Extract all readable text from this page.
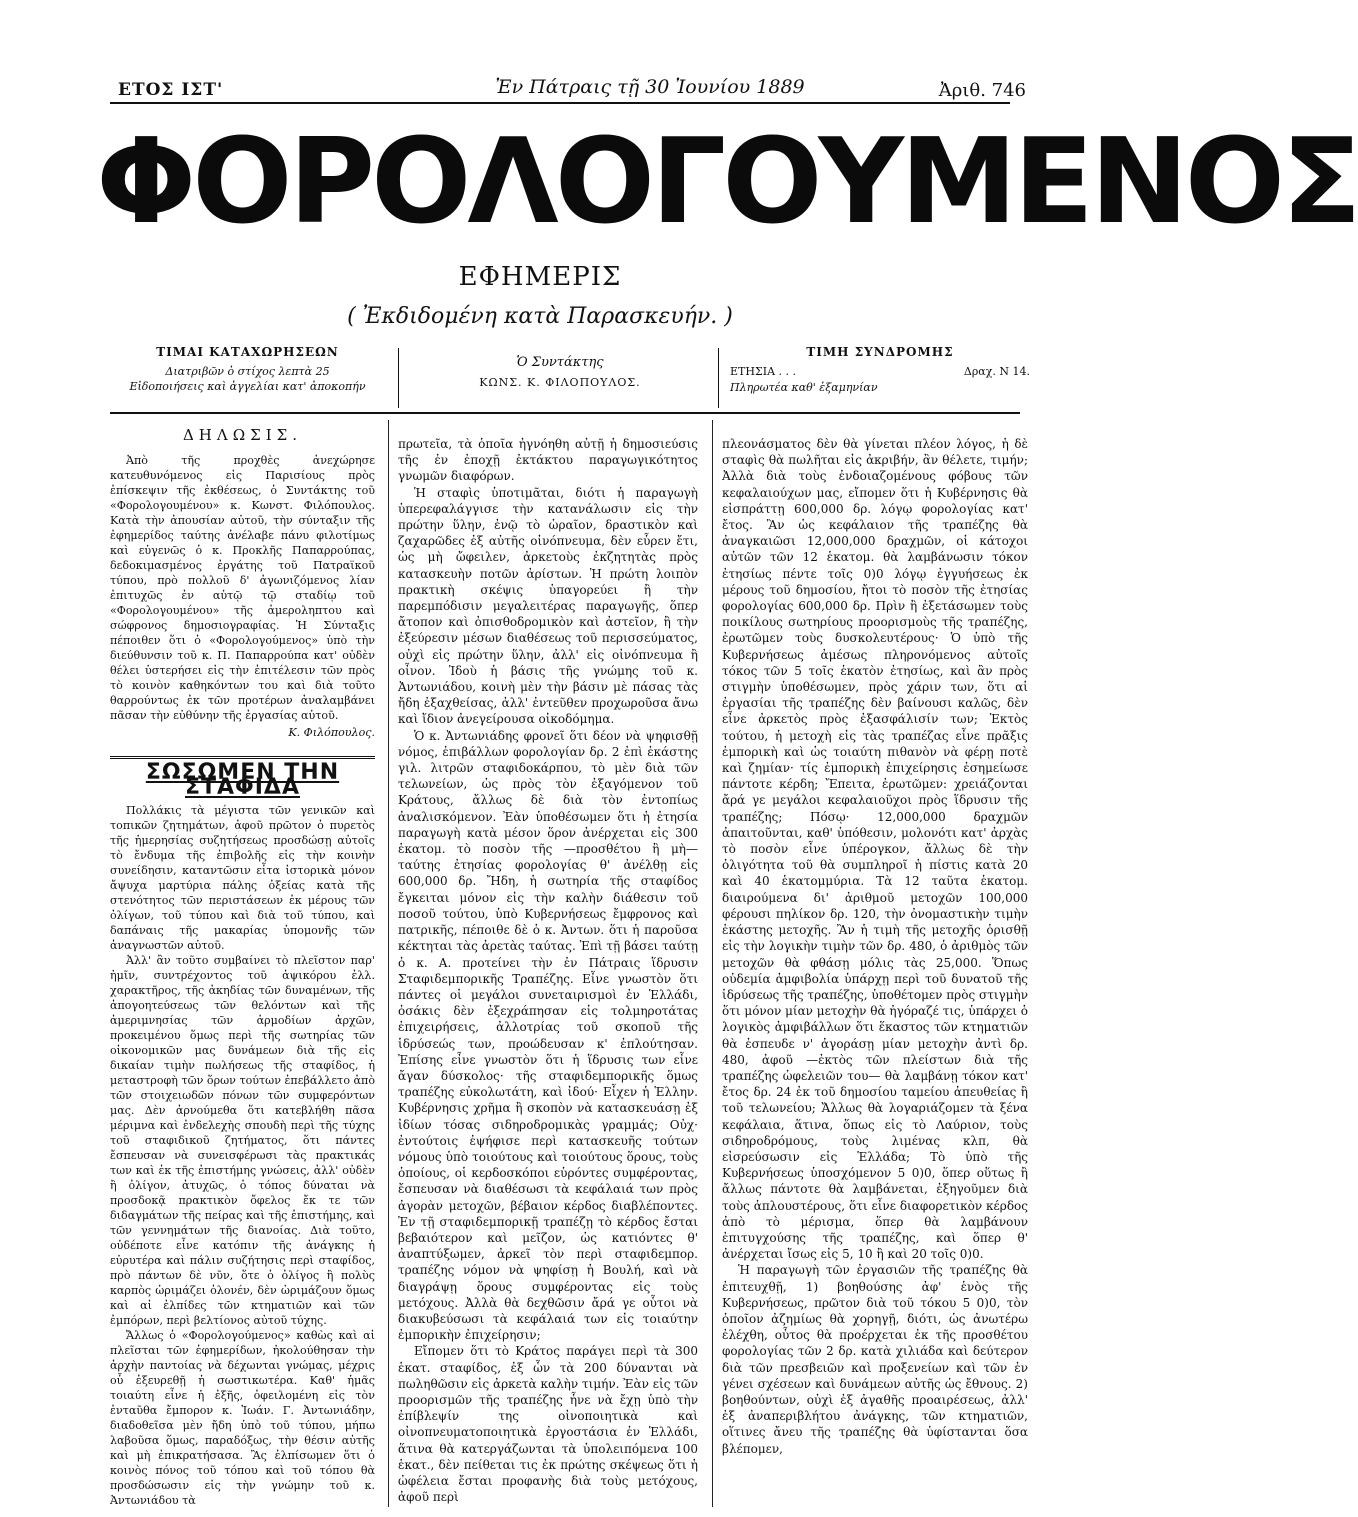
ΕΤΟΣ ΙΣΤ'	Ἐν Πάτραις τῇ 30 Ἰουνίου 1889	Ἀριθ. 746
ΦΟΡΟΛΟΓΟΥΜΕΝΟΣ
ΕΦΗΜΕΡΙΣ
( Ἐκδιδομένη κατὰ Παρασκευήν. )
ΤΙΜΑΙ ΚΑΤΑΧΩΡΗΣΕΩΝ
Διατριβῶν ὁ στίχος λεπτὰ 25
Εἰδοποιήσεις καὶ ἀγγελίαι κατ' ἀποκοπήν
Ὁ Συντάκτης
ΚΩΝΣ. Κ. ΦΙΛΟΠΟΥΛΟΣ.
ΤΙΜΗ ΣΥΝΔΡΟΜΗΣ
ΕΤΗΣΙΑ . . .	Δραχ. Ν 14.
Πληρωτέα καθ' ἑξαμηνίαν
ΔΗΛΩΣΙΣ.

Ἀπὸ τῆς προχθὲς ἀνεχώρησε κατευθυνόμενος εἰς Παρισίους πρὸς ἐπίσκεψιν τῆς ἐκθέσεως, ὁ Συντάκτης τοῦ «Φορολογουμένου» κ. Κωνστ. Φιλόπουλος. Κατὰ τὴν ἀπουσίαν αὐτοῦ, τὴν σύνταξιν τῆς ἐφημερίδος ταύτης ἀνέλαβε πάνυ φιλοτίμως καὶ εὐγενῶς ὁ κ. Προκλῆς Παπαρρούπας, δεδοκιμασμένος ἐργάτης τοῦ Πατραϊκοῦ τύπου, πρὸ πολλοῦ δ' ἀγωνιζόμενος λίαν ἐπιτυχῶς ἐν αὐτῷ τῷ σταδίῳ τοῦ «Φορολογουμένου» τῆς ἀμεροληπτου καὶ σώφρονος δημοσιογραφίας. Ἡ Σύνταξις πέποιθεν ὅτι ὁ «Φορολογούμενος» ὑπὸ τὴν διεύθυνσιν τοῦ κ. Π. Παπαρρούπα κατ' οὐδὲν θέλει ὑστερήσει εἰς τὴν ἐπιτέλεσιν τῶν πρὸς τὸ κοινὸν καθηκόντων του καὶ διὰ τοῦτο θαρρούντως ἐκ τῶν προτέρων ἀναλαμβάνει πᾶσαν τὴν εὐθύνην τῆς ἐργασίας αὐτοῦ.

Κ. Φιλόπουλος.
ΣΩΣΩΜΕΝ ΤΗΝ ΣΤΑΦΙΔΑ

Πολλάκις τὰ μέγιστα τῶν γενικῶν καὶ τοπικῶν ζητημάτων, ἀφοῦ πρῶτον ὁ πυρετὸς τῆς ἡμερησίας συζητήσεως προσδώσῃ αὐτοῖς τὸ ἔνδυμα τῆς ἐπιβολῆς εἰς τὴν κοινὴν συνείδησιν, καταντῶσιν εἶτα ἱστορικὰ μόνον ἄψυχα μαρτύρια πάλης ὀξείας κατὰ τῆς στενότητος τῶν περιστάσεων ἐκ μέρους τῶν ὀλίγων, τοῦ τύπου καὶ διὰ τοῦ τύπου, καὶ δαπάναις τῆς μακαρίας ὑπομονῆς τῶν ἀναγνωστῶν αὐτοῦ.

Ἀλλ' ἂν τοῦτο συμβαίνει τὸ πλεῖστον παρ' ἡμῖν, συντρέχοντος τοῦ ἀψικόρου ἑλλ. χαρακτῆρος, τῆς ἀκηδίας τῶν δυναμένων, τῆς ἀπογοητεύσεως τῶν θελόντων καὶ τῆς ἀμεριμνησίας τῶν ἁρμοδίων ἀρχῶν, προκειμένου ὅμως περὶ τῆς σωτηρίας τῶν οἰκονομικῶν μας δυνάμεων διὰ τῆς εἰς δικαίαν τιμὴν πωλήσεως τῆς σταφίδος, ἡ μεταστροφὴ τῶν ὅρων τούτων ἐπεβάλλετο ἀπὸ τῶν στοιχειωδῶν πόνων τῶν συμφερόντων μας. Δὲν ἀρνούμεθα ὅτι κατεβλήθη πᾶσα μέριμνα καὶ ἐνδελεχὴς σπουδὴ περὶ τῆς τύχης τοῦ σταφιδικοῦ ζητήματος, ὅτι πάντες ἔσπευσαν νὰ συνεισφέρωσι τὰς πρακτικάς των καὶ ἐκ τῆς ἐπιστήμης γνώσεις, ἀλλ' οὐδὲν ἢ ὀλίγον, ἀτυχῶς, ὁ τόπος δύναται νὰ προσδοκᾷ πρακτικὸν ὄφελος ἔκ τε τῶν διδαγμάτων τῆς πείρας καὶ τῆς ἐπιστήμης, καὶ τῶν γεννημάτων τῆς διανοίας. Διὰ τοῦτο, οὐδέποτε εἶνε κατόπιν τῆς ἀνάγκης ἡ εὐρυτέρα καὶ πάλιν συζήτησις περὶ σταφίδος, πρὸ πάντων δὲ νῦν, ὅτε ὁ ὀλίγος ἢ πολὺς καρπὸς ὡριμάζει ὁλονέν, δὲν ὡριμάζουν ὅμως καὶ αἱ ἐλπίδες τῶν κτηματιῶν καὶ τῶν ἐμπόρων, περὶ βελτίονος αὐτοῦ τύχης.

Ἄλλως ὁ «Φορολογούμενος» καθὼς καὶ αἱ πλεῖσται τῶν ἐφημερίδων, ἠκολούθησαν τὴν ἀρχὴν παντοίας νὰ δέχωνται γνώμας, μέχρις οὗ ἐξευρεθῇ ἡ σωστικωτέρα. Καθ' ἡμᾶς τοιαύτη εἶνε ἡ ἐξῆς, ὀφειλομένη εἰς τὸν ἐνταῦθα ἔμπορον κ. Ἰωάν. Γ. Ἀντωνιάδην, διαδοθεῖσα μὲν ἤδη ὑπὸ τοῦ τύπου, μήπω λαβοῦσα ὅμως, παραδόξως, τὴν θέσιν αὐτῆς καὶ μὴ ἐπικρατήσασα. Ἂς ἐλπίσωμεν ὅτι ὁ κοινὸς πόνος τοῦ τόπου καὶ τοῦ τόπου θὰ προσδώσωσιν εἰς τὴν γνώμην τοῦ κ. Ἀντωνιάδου τὰ

πρωτεῖα, τὰ ὁποῖα ἠγνόηθη αὐτῇ ἡ δημοσιεύσις τῆς ἐν ἐποχῇ ἐκτάκτου παραγωγικότητος γνωμῶν διαφόρων.

Ἡ σταφὶς ὑποτιμᾶται, διότι ἡ παραγωγὴ ὑπερεφαλάγγισε τὴν κατανάλωσιν εἰς τὴν πρώτην ὕλην, ἐνῷ τὸ ὡραῖον, δραστικὸν καὶ ζαχαρῶδες ἐξ αὐτῆς οἰνόπνευμα, δὲν εὗρεν ἔτι, ὡς μὴ ὤφειλεν, ἀρκετοὺς ἐκζητητὰς πρὸς κατασκευὴν ποτῶν ἀρίστων. Ἡ πρώτη λοιπὸν πρακτικὴ σκέψις ὑπαγορεύει ἢ τὴν παρεμπόδισιν μεγαλειτέρας παραγωγῆς, ὅπερ ἄτοπον καὶ ὀπισθοδρομικὸν καὶ ἀστεῖον, ἢ τὴν ἐξεύρεσιν μέσων διαθέσεως τοῦ περισσεύματος, οὐχὶ εἰς πρώτην ὕλην, ἀλλ' εἰς οἰνόπνευμα ἢ οἶνον. Ἰδοὺ ἡ βάσις τῆς γνώμης τοῦ κ. Ἀντωνιάδου, κοινὴ μὲν τὴν βάσιν μὲ πάσας τὰς ἤδη ἐξαχθείσας, ἀλλ' ἐντεῦθεν προχωροῦσα ἄνω καὶ ἴδιον ἀνεγείρουσα οἰκοδόμημα.

Ὁ κ. Ἀντωνιάδης φρονεῖ ὅτι δέον νὰ ψηφισθῇ νόμος, ἐπιβάλλων φορολογίαν δρ. 2 ἐπὶ ἑκάστης γιλ. λιτρῶν σταφιδοκάρπου, τὸ μὲν διὰ τῶν τελωνείων, ὡς πρὸς τὸν ἐξαγόμενον τοῦ Κράτους, ἄλλως δὲ διὰ τὸν ἐντοπίως ἀναλισκόμενον. Ἐὰν ὑποθέσωμεν ὅτι ἡ ἐτησία παραγωγὴ κατὰ μέσον ὅρον ἀνέρχεται εἰς 300 ἑκατομ. τὸ ποσὸν τῆς —προσθέτου ἢ μὴ— ταύτης ἐτησίας φορολογίας θ' ἀνέλθῃ εἰς 600,000 δρ. Ἤδη, ἡ σωτηρία τῆς σταφίδος ἔγκειται μόνον εἰς τὴν καλὴν διάθεσιν τοῦ ποσοῦ τούτου, ὑπὸ Κυβερνήσεως ἔμφρονος καὶ πατρικῆς, πέποιθε δὲ ὁ κ. Ἀντων. ὅτι ἡ παροῦσα κέκτηται τὰς ἀρετὰς ταύτας. Ἐπὶ τῇ βάσει ταύτῃ ὁ κ. Α. προτείνει τὴν ἐν Πάτραις ἵδρυσιν Σταφιδεμπορικῆς Τραπέζης. Εἶνε γνωστὸν ὅτι πάντες οἱ μεγάλοι συνεταιρισμοὶ ἐν Ἑλλάδι, ὁσάκις δὲν ἐξεχράπησαν εἰς τολμηροτάτας ἐπιχειρήσεις, ἀλλοτρίας τοῦ σκοποῦ τῆς ἱδρύσεώς των, προώδευσαν κ' ἐπλούτησαν. Ἐπίσης εἶνε γνωστὸν ὅτι ἡ ἵδρυσις των εἶνε ἄγαν δύσκολος· τῆς σταφιδεμπορικῆς ὅμως τραπέζης εὐκολωτάτη, καὶ ἰδού· Εἶχεν ἡ Ἑλλην. Κυβέρνησις χρῆμα ἢ σκοπὸν νὰ κατασκευάσῃ ἐξ ἰδίων τόσας σιδηροδρομικὰς γραμμάς; Οὐχ· ἐντούτοις ἐψήφισε περὶ κατασκευῆς τούτων νόμους ὑπὸ τοιούτους καὶ τοιούτους ὅρους, τοὺς ὁποίους, οἱ κερδοσκόποι εὑρόντες συμφέροντας, ἔσπευσαν νὰ διαθέσωσι τὰ κεφάλαιά των πρὸς ἀγορὰν μετοχῶν, βέβαιον κέρδος διαβλέποντες. Ἐν τῇ σταφιδεμπορικῇ τραπέζῃ τὸ κέρδος ἔσται βεβαιότερον καὶ μεῖζον, ὡς κατιόντες θ' ἀναπτύξωμεν, ἀρκεῖ τὸν περὶ σταφιδεμπορ. τραπέζης νόμον νὰ ψηφίσῃ ἡ Βουλή, καὶ νὰ διαγράψῃ ὅρους συμφέροντας εἰς τοὺς μετόχους. Ἀλλὰ θὰ δεχθῶσιν ἄρά γε οὗτοι νὰ διακυβεύσωσι τὰ κεφάλαιά των εἰς τοιαύτην ἐμπορικὴν ἐπιχείρησιν;

Εἴπομεν ὅτι τὸ Κράτος παράγει περὶ τὰ 300 ἑκατ. σταφίδος, ἐξ ὧν τὰ 200 δύνανται νὰ πωληθῶσιν εἰς ἀρκετὰ καλὴν τιμήν. Ἐὰν εἰς τῶν προορισμῶν τῆς τραπέζης ἦνε νὰ ἔχῃ ὑπὸ τὴν ἐπίβλεψίν της οἰνοποιητικὰ καὶ οἰνοπνευματοποιητικὰ ἐργοστάσια ἐν Ἑλλάδι, ἅτινα θὰ κατεργάζωνται τὰ ὑπολειπόμενα 100 ἑκατ., δὲν πείθεται τις ἐκ πρώτης σκέψεως ὅτι ἡ ὠφέλεια ἔσται προφανὴς διὰ τοὺς μετόχους, ἀφοῦ περὶ

πλεονάσματος δὲν θὰ γίνεται πλέον λόγος, ἡ δὲ σταφὶς θὰ πωλῆται εἰς ἀκριβήν, ἂν θέλετε, τιμήν; Ἀλλὰ διὰ τοὺς ἐνδοιαζομένους φόβους τῶν κεφαλαιούχων μας, εἴπομεν ὅτι ἡ Κυβέρνησις θὰ εἰσπράττῃ 600,000 δρ. λόγῳ φορολογίας κατ' ἔτος. Ἂν ὡς κεφάλαιον τῆς τραπέζης θὰ ἀναγκαιῶσι 12,000,000 δραχμῶν, οἱ κάτοχοι αὐτῶν τῶν 12 ἑκατομ. θὰ λαμβάνωσιν τόκον ἐτησίως πέντε τοῖς 0)0 λόγῳ ἐγγυήσεως ἐκ μέρους τοῦ δημοσίου, ἤτοι τὸ ποσὸν τῆς ἐτησίας φορολογίας 600,000 δρ. Πρὶν ἢ ἐξετάσωμεν τοὺς ποικίλους σωτηρίους προορισμοὺς τῆς τραπέζης, ἐρωτῶμεν τοὺς δυσκολευτέρους· Ὁ ὑπὸ τῆς Κυβερνήσεως ἀμέσως πληρονόμενος αὐτοῖς τόκος τῶν 5 τοῖς ἑκατὸν ἐτησίως, καὶ ἂν πρὸς στιγμὴν ὑποθέσωμεν, πρὸς χάριν των, ὅτι αἱ ἐργασίαι τῆς τραπέζης δὲν βαίνουσι καλῶς, δὲν εἶνε ἀρκετὸς πρὸς ἐξασφάλισίν των; Ἐκτὸς τούτου, ἡ μετοχὴ εἰς τὰς τραπέζας εἶνε πρᾶξις ἐμπορικὴ καὶ ὡς τοιαύτη πιθανὸν νὰ φέρῃ ποτὲ καὶ ζημίαν· τίς ἐμπορικὴ ἐπιχείρησις ἐσημείωσε πάντοτε κέρδη; Ἔπειτα, ἐρωτῶμεν: χρειάζονται ἄρά γε μεγάλοι κεφαλαιοῦχοι πρὸς ἵδρυσιν τῆς τραπέζης; Πόσῳ· 12,000,000 δραχμῶν ἀπαιτοῦνται, καθ' ὑπόθεσιν, μολονότι κατ' ἀρχὰς τὸ ποσὸν εἶνε ὑπέρογκον, ἄλλως δὲ τὴν ὀλιγότητα τοῦ θὰ συμπληροῖ ἡ πίστις κατὰ 20 καὶ 40 ἑκατομμύρια. Τὰ 12 ταῦτα ἑκατομ. διαιρούμενα δι' ἀριθμοῦ μετοχῶν 100,000 φέρουσι πηλίκον δρ. 120, τὴν ὀνομαστικὴν τιμὴν ἑκάστης μετοχῆς. Ἂν ἡ τιμὴ τῆς μετοχῆς ὁρισθῇ εἰς τὴν λογικὴν τιμὴν τῶν δρ. 480, ὁ ἀριθμὸς τῶν μετοχῶν θὰ φθάσῃ μόλις τὰς 25,000. Ὅπως οὐδεμία ἀμφιβολία ὑπάρχῃ περὶ τοῦ δυνατοῦ τῆς ἱδρύσεως τῆς τραπέζης, ὑποθέτομεν πρὸς στιγμὴν ὅτι μόνον μίαν μετοχὴν θὰ ἠγόραζέ τις, ὑπάρχει ὁ λογικὸς ἀμφιβάλλων ὅτι ἕκαστος τῶν κτηματιῶν θὰ ἐσπευδε ν' ἀγοράσῃ μίαν μετοχὴν ἀντὶ δρ. 480, ἀφοῦ —ἐκτὸς τῶν πλείστων διὰ τῆς τραπέζης ὠφελειῶν του— θὰ λαμβάνῃ τόκον κατ' ἔτος δρ. 24 ἐκ τοῦ δημοσίου ταμείου ἀπευθείας ἢ τοῦ τελωνείου; Ἄλλως θὰ λογαριάζομεν τὰ ξένα κεφάλαια, ἅτινα, ὅπως εἰς τὸ Λαύριον, τοὺς σιδηροδρόμους, τοὺς λιμένας κλπ, θὰ εἰσρεύσωσιν εἰς Ἑλλάδα; Τὸ ὑπὸ τῆς Κυβερνήσεως ὑποσχόμενον 5 0)0, ὅπερ οὕτως ἢ ἄλλως πάντοτε θὰ λαμβάνεται, ἐξηγοῦμεν διὰ τοὺς ἀπλουστέρους, ὅτι εἶνε διαφορετικὸν κέρδος ἀπὸ τὸ μέρισμα, ὅπερ θὰ λαμβάνουν ἐπιτυγχούσης τῆς τραπέζης, καὶ ὅπερ θ' ἀνέρχεται ἴσως εἰς 5, 10 ἢ καὶ 20 τοῖς 0)0.

Ἡ παραγωγὴ τῶν ἐργασιῶν τῆς τραπέζης θὰ ἐπιτευχθῇ, 1) βοηθούσης ἀφ' ἑνὸς τῆς Κυβερνήσεως, πρῶτον διὰ τοῦ τόκου 5 0)0, τὸν ὁποῖον ἀζημίως θὰ χορηγῇ, διότι, ὡς ἀνωτέρω ἐλέχθη, οὗτος θὰ προέρχεται ἐκ τῆς προσθέτου φορολογίας τῶν 2 δρ. κατὰ χιλιάδα καὶ δεύτερον διὰ τῶν πρεσβειῶν καὶ προξενείων καὶ τῶν ἐν γένει σχέσεων καὶ δυνάμεων αὐτῆς ὡς ἔθνους. 2) βοηθούντων, οὐχὶ ἐξ ἀγαθῆς προαιρέσεως, ἀλλ' ἐξ ἀναπεριβλήτου ἀνάγκης, τῶν κτηματιῶν, οἵτινες ἄνευ τῆς τραπέζης θὰ ὑφίστανται ὅσα βλέπομεν,
